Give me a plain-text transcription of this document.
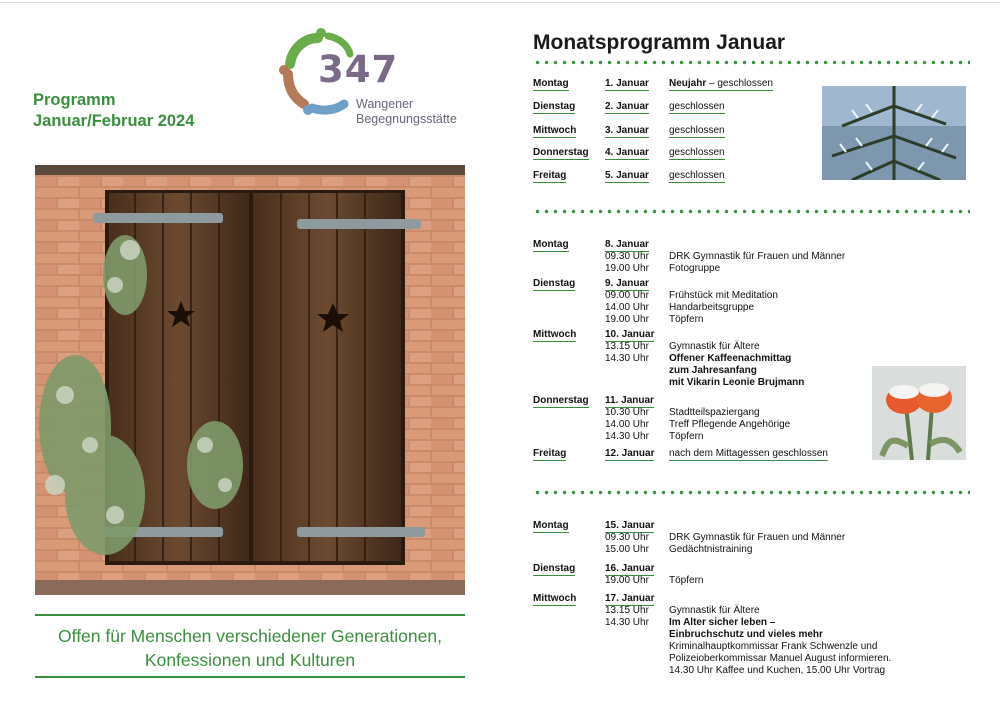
Programm
Januar/Februar 2024
347
Wangener
Begegnungsstätte
Offen für Menschen verschiedener Generationen,
Konfessionen und Kulturen
Monatsprogramm Januar
Montag	1. Januar Neujahr – geschlossen
Dienstag	2. Januar geschlossen
Mittwoch	3. Januar geschlossen
Donnerstag 4. Januar geschlossen
Freitag	5. Januar geschlossen
Montag	8. Januar
09.30 Uhr DRK Gymnastik für Frauen und Männer
19.00 Uhr Fotogruppe
Dienstag	9. Januar
09.00 Uhr Frühstück mit Meditation
14.00 Uhr Handarbeitsgruppe
19.00 Uhr Töpfern
Mittwoch	10. Januar
13.15 Uhr Gymnastik für Ältere
14.30 Uhr Offener Kaffeenachmittag
zum Jahresanfang
mit Vikarin Leonie Brujmann
Donnerstag 11. Januar
10.30 Uhr Stadtteilspaziergang
14.00 Uhr Treff Pflegende Angehörige
14.30 Uhr Töpfern
Freitag	12. Januar nach dem Mittagessen geschlossen
Montag	15. Januar
09.30 Uhr DRK Gymnastik für Frauen und Männer
15.00 Uhr Gedächtnistraining
Dienstag	16. Januar
19.00 Uhr Töpfern
Mittwoch	17. Januar
13.15 Uhr Gymnastik für Ältere
14.30 Uhr Im Alter sicher leben –
Einbruchschutz und vieles mehr
Kriminalhauptkommissar Frank Schwenzle und
Polizeioberkommissar Manuel August informieren.
14.30 Uhr Kaffee und Kuchen, 15.00 Uhr Vortrag
